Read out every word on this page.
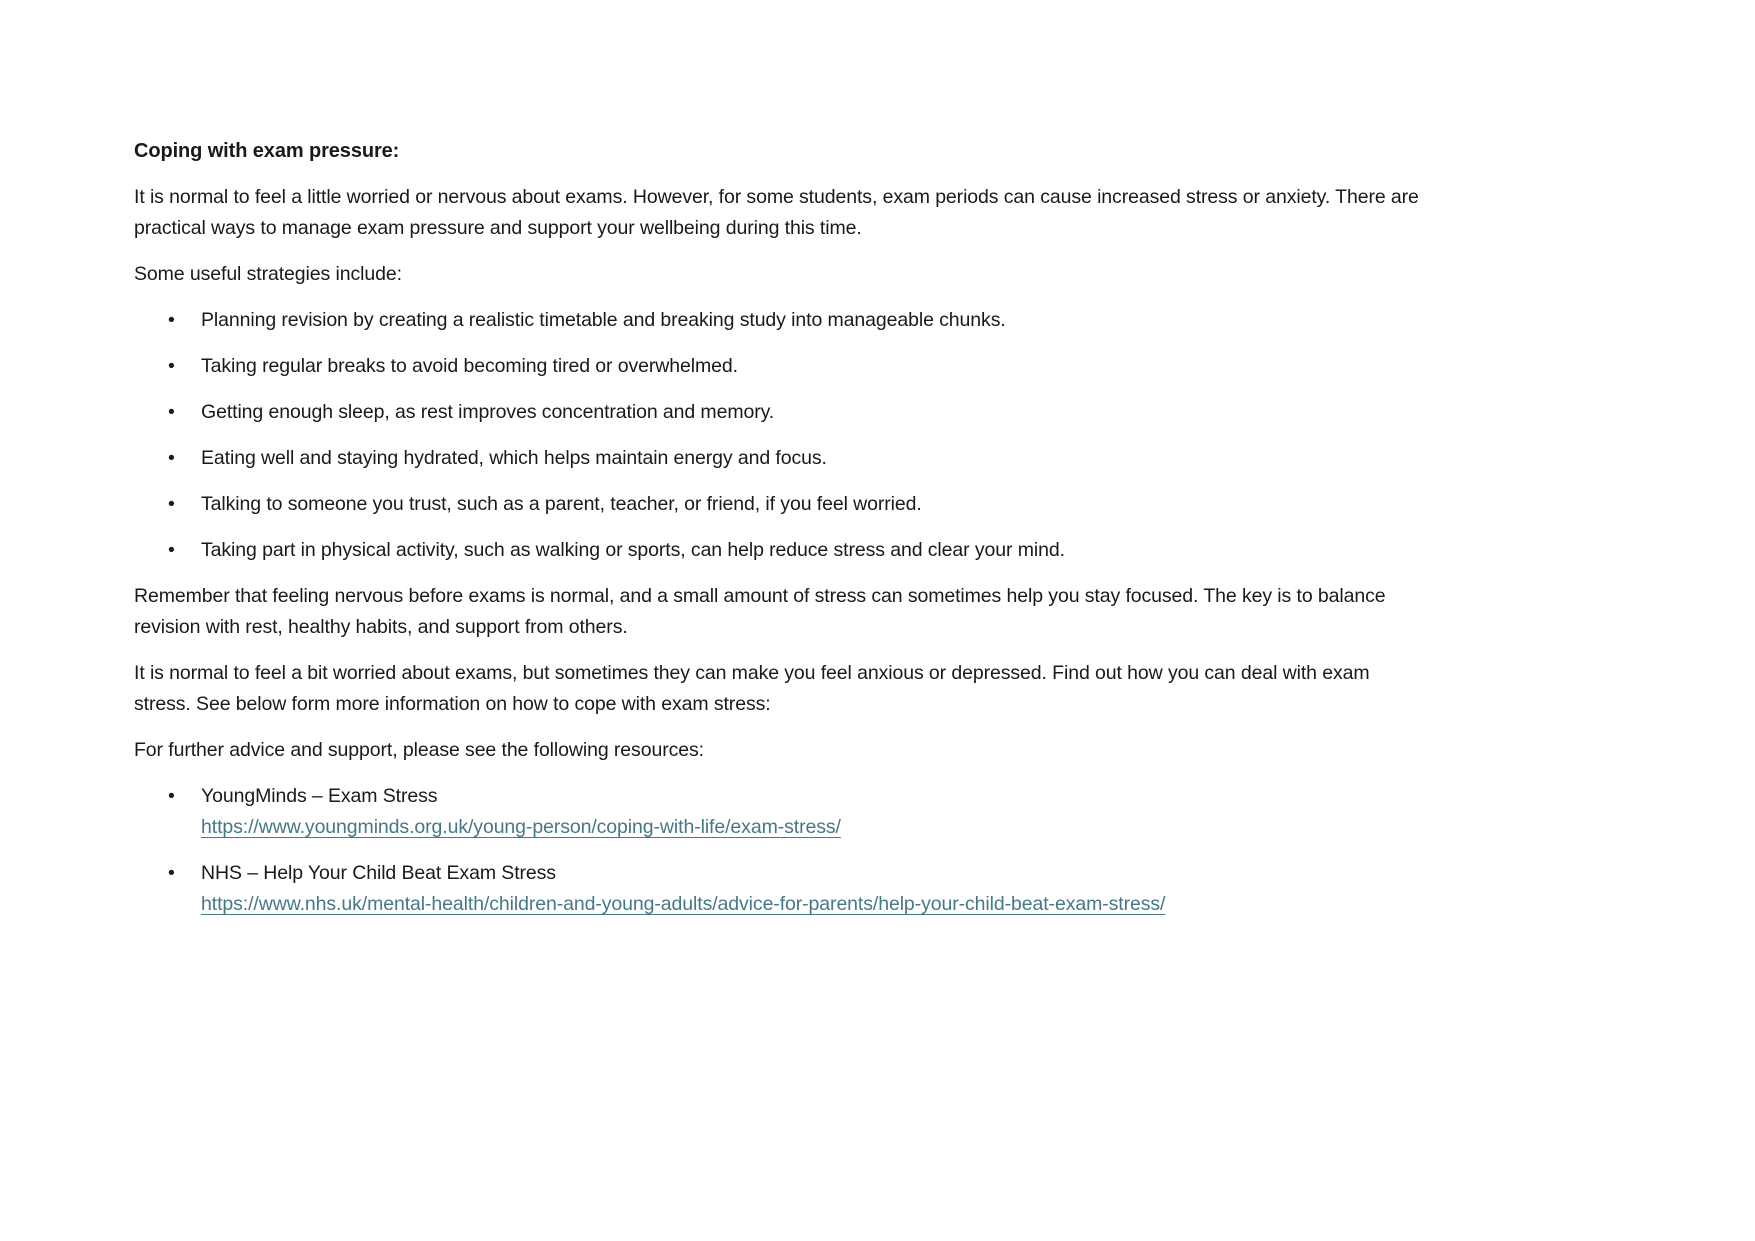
Coping with exam pressure:

It is normal to feel a little worried or nervous about exams. However, for some students, exam periods can cause increased stress or anxiety. There are practical ways to manage exam pressure and support your wellbeing during this time.

Some useful strategies include:

• Planning revision by creating a realistic timetable and breaking study into manageable chunks.
• Taking regular breaks to avoid becoming tired or overwhelmed.
• Getting enough sleep, as rest improves concentration and memory.
• Eating well and staying hydrated, which helps maintain energy and focus.
• Talking to someone you trust, such as a parent, teacher, or friend, if you feel worried.
• Taking part in physical activity, such as walking or sports, can help reduce stress and clear your mind.

Remember that feeling nervous before exams is normal, and a small amount of stress can sometimes help you stay focused. The key is to balance revision with rest, healthy habits, and support from others.

It is normal to feel a bit worried about exams, but sometimes they can make you feel anxious or depressed. Find out how you can deal with exam stress. See below form more information on how to cope with exam stress:

For further advice and support, please see the following resources:

• YoungMinds – Exam Stress
https://www.youngminds.org.uk/young-person/coping-with-life/exam-stress/
• NHS – Help Your Child Beat Exam Stress
https://www.nhs.uk/mental-health/children-and-young-adults/advice-for-parents/help-your-child-beat-exam-stress/
